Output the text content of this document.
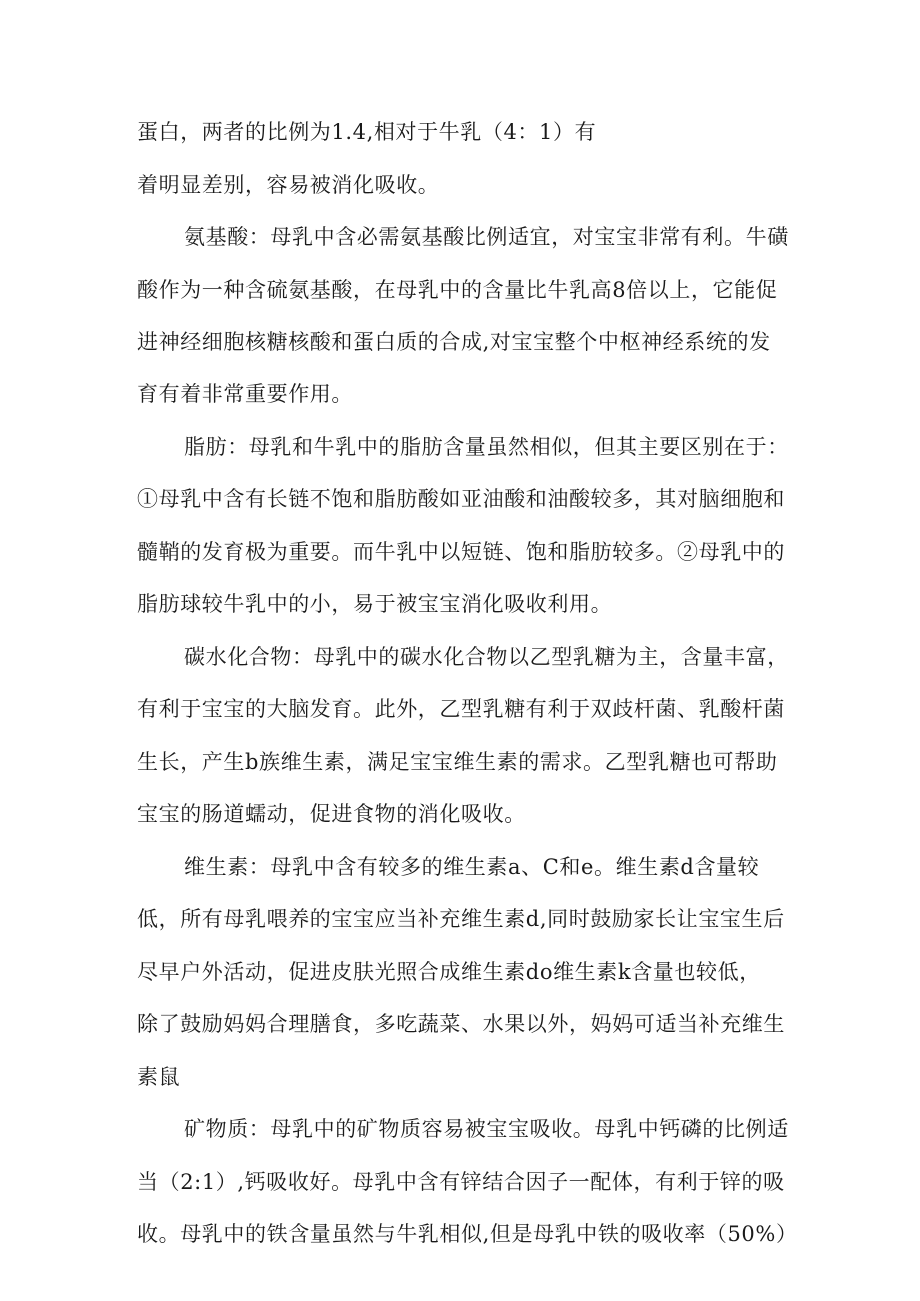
蛋白，两者的比例为1.4,相对于牛乳（4：1）有
着明显差别，容易被消化吸收。
氨基酸：母乳中含必需氨基酸比例适宜，对宝宝非常有利。牛磺
酸作为一种含硫氨基酸，在母乳中的含量比牛乳高8倍以上，它能促
进神经细胞核糖核酸和蛋白质的合成,对宝宝整个中枢神经系统的发
育有着非常重要作用。
脂肪：母乳和牛乳中的脂肪含量虽然相似，但其主要区别在于：
①母乳中含有长链不饱和脂肪酸如亚油酸和油酸较多，其对脑细胞和
髓鞘的发育极为重要。而牛乳中以短链、饱和脂肪较多。②母乳中的
脂肪球较牛乳中的小，易于被宝宝消化吸收利用。
碳水化合物：母乳中的碳水化合物以乙型乳糖为主，含量丰富，
有利于宝宝的大脑发育。此外，乙型乳糖有利于双歧杆菌、乳酸杆菌
生长，产生b族维生素，满足宝宝维生素的需求。乙型乳糖也可帮助
宝宝的肠道蠕动，促进食物的消化吸收。
维生素：母乳中含有较多的维生素a、C和e。维生素d含量较
低，所有母乳喂养的宝宝应当补充维生素d,同时鼓励家长让宝宝生后
尽早户外活动，促进皮肤光照合成维生素do维生素k含量也较低，
除了鼓励妈妈合理膳食，多吃蔬菜、水果以外，妈妈可适当补充维生
素鼠
矿物质：母乳中的矿物质容易被宝宝吸收。母乳中钙磷的比例适
当（2:1）,钙吸收好。母乳中含有锌结合因子一配体，有利于锌的吸
收。母乳中的铁含量虽然与牛乳相似,但是母乳中铁的吸收率（50%）
